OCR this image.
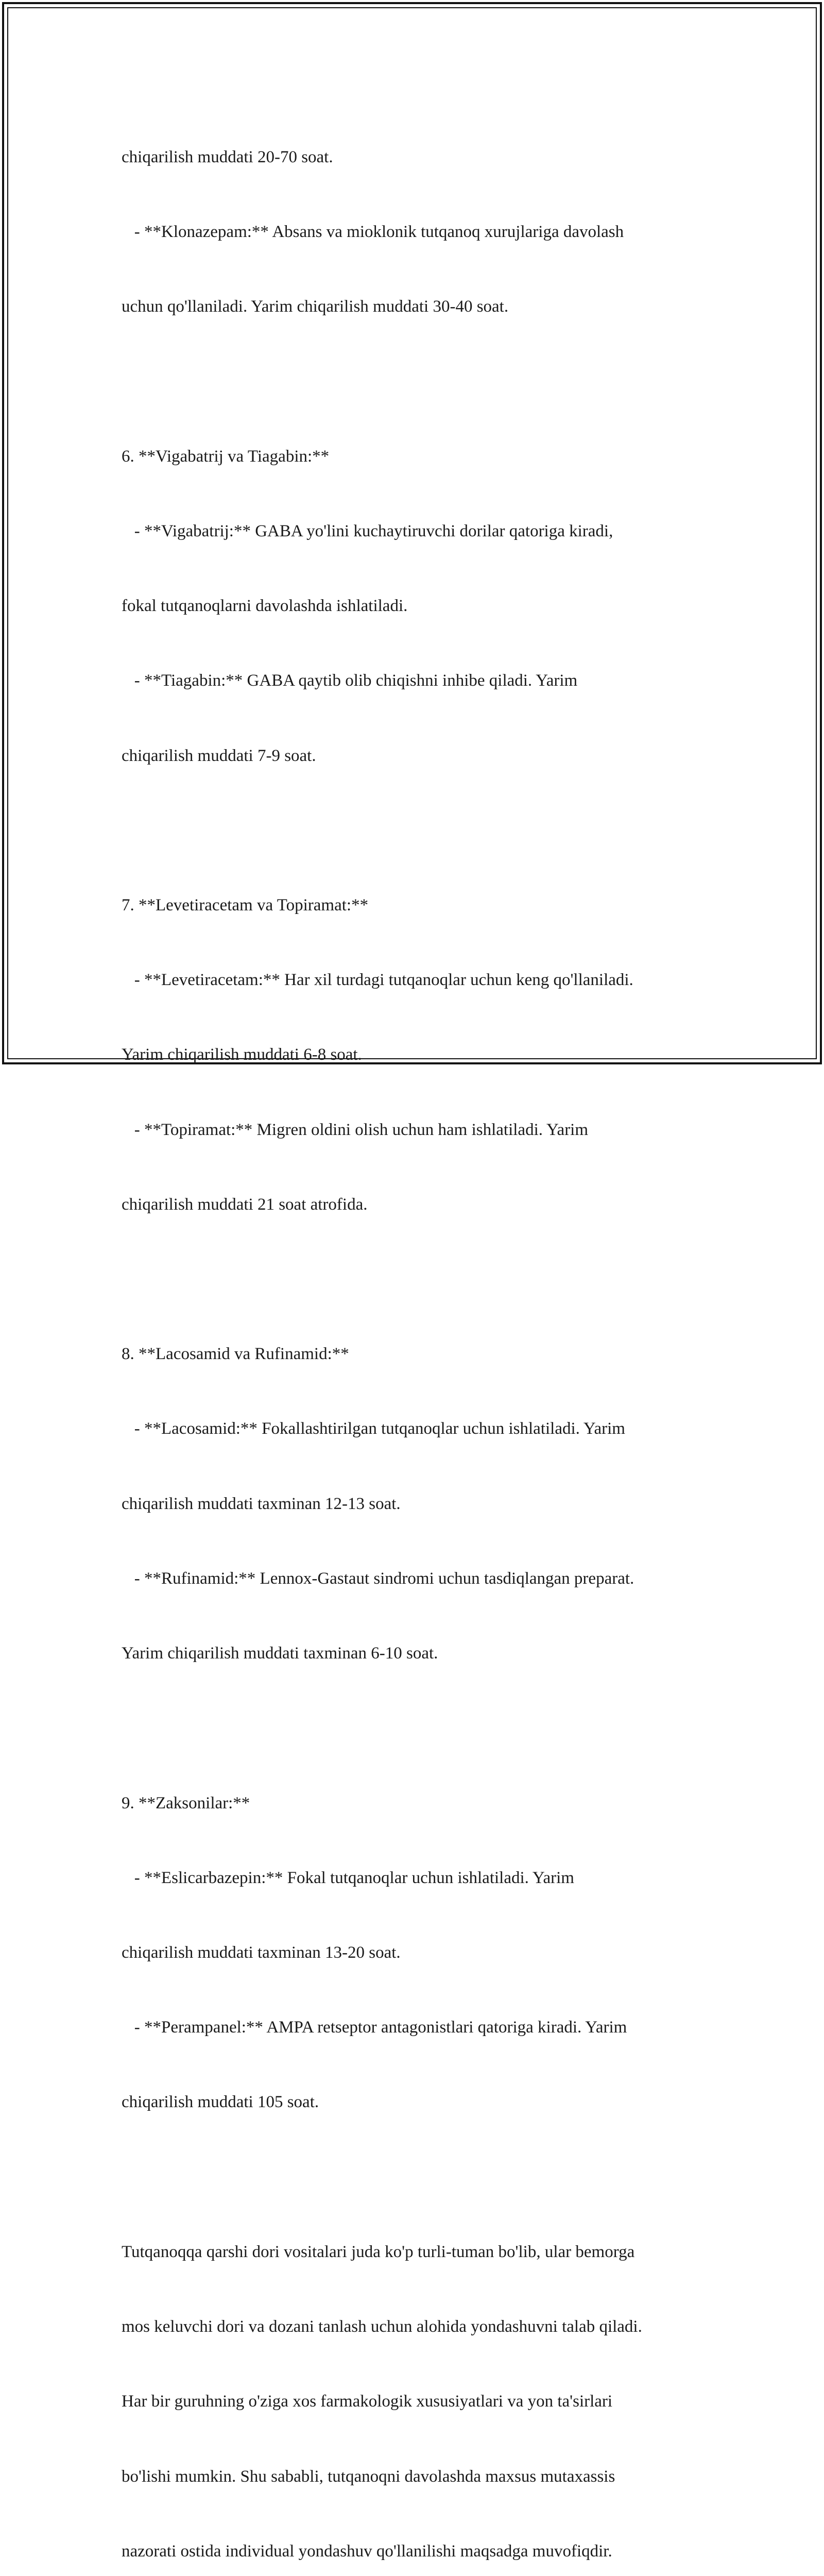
chiqarilish muddati 20-70 soat.

- **Klonazepam:** Absans va mioklonik tutqanoq xurujlariga davolash

uchun qo'llaniladi. Yarim chiqarilish muddati 30-40 soat.

6. **Vigabatrij va Tiagabin:**

- **Vigabatrij:** GABA yo'lini kuchaytiruvchi dorilar qatoriga kiradi,

fokal tutqanoqlarni davolashda ishlatiladi.

- **Tiagabin:** GABA qaytib olib chiqishni inhibe qiladi. Yarim

chiqarilish muddati 7-9 soat.

7. **Levetiracetam va Topiramat:**

- **Levetiracetam:** Har xil turdagi tutqanoqlar uchun keng qo'llaniladi.

Yarim chiqarilish muddati 6-8 soat.

- **Topiramat:** Migren oldini olish uchun ham ishlatiladi. Yarim

chiqarilish muddati 21 soat atrofida.

8. **Lacosamid va Rufinamid:**

- **Lacosamid:** Fokallashtirilgan tutqanoqlar uchun ishlatiladi. Yarim

chiqarilish muddati taxminan 12-13 soat.

- **Rufinamid:** Lennox-Gastaut sindromi uchun tasdiqlangan preparat.

Yarim chiqarilish muddati taxminan 6-10 soat.

9. **Zaksonilar:**

- **Eslicarbazepin:** Fokal tutqanoqlar uchun ishlatiladi. Yarim

chiqarilish muddati taxminan 13-20 soat.

- **Perampanel:** AMPA retseptor antagonistlari qatoriga kiradi. Yarim

chiqarilish muddati 105 soat.

Tutqanoqqa qarshi dori vositalari juda ko'p turli-tuman bo'lib, ular bemorga

mos keluvchi dori va dozani tanlash uchun alohida yondashuvni talab qiladi.

Har bir guruhning o'ziga xos farmakologik xususiyatlari va yon ta'sirlari

bo'lishi mumkin. Shu sababli, tutqanoqni davolashda maxsus mutaxassis

nazorati ostida individual yondashuv qo'llanilishi maqsadga muvofiqdir.
